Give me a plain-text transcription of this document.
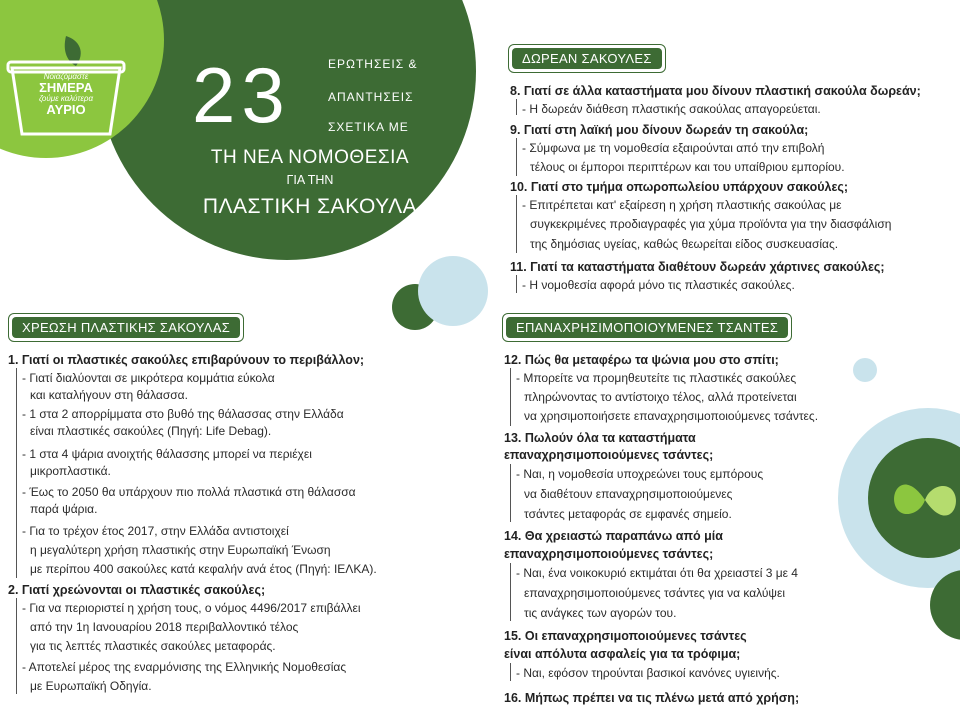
Νοιαζόμαστε
ΣΗΜΕΡΑ
ζούμε καλύτερα
ΑΥΡΙΟ	23	ΕΡΩΤΗΣΕΙΣ &
ΑΠΑΝΤΗΣΕΙΣ
ΣΧΕΤΙΚΑ ΜΕ
ΤΗ ΝΕΑ ΝΟΜΟΘΕΣΙΑ
ΓΙΑ ΤΗΝ
ΠΛΑΣΤΙΚΗ ΣΑΚΟΥΛΑ
ΧΡΕΩΣΗ ΠΛΑΣΤΙΚΗΣ ΣΑΚΟΥΛΑΣ
ΔΩΡΕΑΝ ΣΑΚΟΥΛΕΣ
ΕΠΑΝΑΧΡΗΣΙΜΟΠΟΙΟΥΜΕΝΕΣ ΤΣΑΝΤΕΣ
1. Γιατί οι πλαστικές σακούλες επιβαρύνουν το περιβάλλον;
- Γιατί διαλύονται σε μικρότερα κομμάτια εύκολα
και καταλήγουν στη θάλασσα.
- 1 στα 2 απορρίμματα στο βυθό της θάλασσας στην Ελλάδα
είναι πλαστικές σακούλες (Πηγή: Life Debag).
- 1 στα 4 ψάρια ανοιχτής θάλασσης μπορεί να περιέχει
μικροπλαστικά.
- Έως το 2050 θα υπάρχουν πιο πολλά πλαστικά στη θάλασσα
παρά ψάρια.
- Για το τρέχον έτος 2017, στην Ελλάδα αντιστοιχεί
η μεγαλύτερη χρήση πλαστικής στην Ευρωπαϊκή Ένωση
με περίπου 400 σακούλες κατά κεφαλήν ανά έτος (Πηγή: ΙΕΛΚΑ).
2. Γιατί χρεώνονται οι πλαστικές σακούλες;
- Για να περιοριστεί η χρήση τους, ο νόμος 4496/2017 επιβάλλει
από την 1η Ιανουαρίου 2018 περιβαλλοντικό τέλος
για τις λεπτές πλαστικές σακούλες μεταφοράς.
- Αποτελεί μέρος της εναρμόνισης της Ελληνικής Νομοθεσίας
με Ευρωπαϊκή Οδηγία.
8. Γιατί σε άλλα καταστήματα μου δίνουν πλαστική σακούλα δωρεάν;
- Η δωρεάν διάθεση πλαστικής σακούλας απαγορεύεται.
9. Γιατί στη λαϊκή μου δίνουν δωρεάν τη σακούλα;
- Σύμφωνα με τη νομοθεσία εξαιρούνται από την επιβολή
τέλους οι έμποροι περιπτέρων και του υπαίθριου εμπορίου.
10. Γιατί στο τμήμα οπωροπωλείου υπάρχουν σακούλες;
- Επιτρέπεται κατ' εξαίρεση η χρήση πλαστικής σακούλας με
συγκεκριμένες προδιαγραφές για χύμα προϊόντα για την διασφάλιση
της δημόσιας υγείας, καθώς θεωρείται είδος συσκευασίας.
11. Γιατί τα καταστήματα διαθέτουν δωρεάν χάρτινες σακούλες;
- Η νομοθεσία αφορά μόνο τις πλαστικές σακούλες.
12. Πώς θα μεταφέρω τα ψώνια μου στο σπίτι;
- Μπορείτε να προμηθευτείτε τις πλαστικές σακούλες
πληρώνοντας το αντίστοιχο τέλος, αλλά προτείνεται
να χρησιμοποιήσετε επαναχρησιμοποιούμενες τσάντες.
13. Πωλούν όλα τα καταστήματα
επαναχρησιμοποιούμενες τσάντες;
- Ναι, η νομοθεσία υποχρεώνει τους εμπόρους
να διαθέτουν επαναχρησιμοποιούμενες
τσάντες μεταφοράς σε εμφανές σημείο.
14. Θα χρειαστώ παραπάνω από μία
επαναχρησιμοποιούμενες τσάντες;
- Ναι, ένα νοικοκυριό εκτιμάται ότι θα χρειαστεί 3 με 4
επαναχρησιμοποιούμενες τσάντες για να καλύψει
τις ανάγκες των αγορών του.
15. Οι επαναχρησιμοποιούμενες τσάντες
είναι απόλυτα ασφαλείς για τα τρόφιμα;
- Ναι, εφόσον τηρούνται βασικοί κανόνες υγιεινής.
16. Μήπως πρέπει να τις πλένω μετά από χρήση;
